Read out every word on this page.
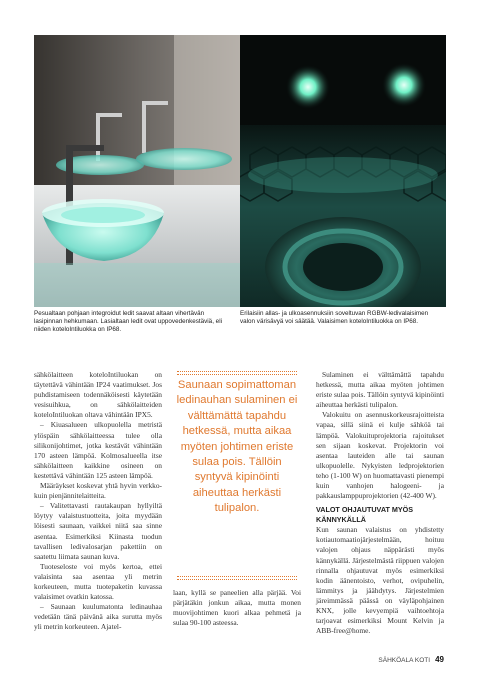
Pesualtaan pohjaan integroidut ledit saavat altaan vihertävän lasipinnan hehkumaan. Lasialtaan ledit ovat uppovedenkestäviä, eli niiden koteloIntiluokka on IP68.
Erilaisiin allas- ja ulkoasennuksiin soveltuvan RGBW-ledivalaisimen valon värisävyä voi säätää. Valaisimen koteloIntiluokka on IP68.

sähkölaitteen koteloIntiluokan on täytettävä vähintään IP24 vaatimukset. Jos puhdistamiseen todennäköisesti käytetään vesisuihkua, on sähkölaitteiden koteloIntiluokan oltava vähintään IPX5.

– Kiuasalueen ulkopuolella metristä ylöspäin sähkölaitteessa tulee olla silikonijohtimet, jotka kestävät vähintään 170 asteen lämpöä. Kolmosalueella itse sähkölaitteen kaikkine osineen on kestettävä vähintään 125 asteen lämpöä.

Määräykset koskevat yhtä hyvin verkko- kuin pienjännitelaitteita.

– Valitettavasti rautakaupan hyllyiltä löytyy valaistustuotteita, joita myydään löisesti saunaan, vaikkei niitä saa sinne asentaa. Esimerkiksi Kiinasta tuodun tavallisen ledivalosarjan pakettiin on saatettu liimata saunan kuva.

Tuoteseloste voi myös kertoa, ettei valaisinta saa asentaa yli metrin korkeuteen, mutta tuotepaketin kuvassa valaisimet ovatkin katossa.

– Saunaan kuulumatonta ledinauhaa vedetään tänä päivänä aika surutta myös yli metrin korkeuteen. Ajatel-

Saunaan sopimattoman ledinauhan sulaminen ei välttämättä tapahdu hetkessä, mutta aikaa myöten johtimen eriste sulaa pois. Tällöin syntyvä kipinöinti aiheuttaa herkästi tulipalon.

laan, kyllä se paneelien alla pärjää. Voi pärjätäkin jonkun aikaa, mutta monen muovijohtimen kuori alkaa pehmetä ja sulaa 90-100 asteessa.

Sulaminen ei välttämättä tapahdu hetkessä, mutta aikaa myöten johtimen eriste sulaa pois. Tällöin syntyvä kipinöinti aiheuttaa herkästi tulipalon.

Valokuitu on asennuskorkeusrajoitteista vapaa, sillä siinä ei kulje sähköä tai lämpöä. Valokuituprojektoria rajoitukset sen sijaan koskevat. Projektorin voi asentaa lauteiden alle tai saunan ulkopuolelle. Nykyisten ledprojektorien teho (1-100 W) on huomattavasti pienempi kuin vanhojen halogeeni- ja pakkauslamppuprojektorien (42-400 W).

VALOT OHJAUTUVAT MYÖS KÄNNYKÄLLÄ

Kun saunan valaistus on yhdistetty kotiautomaatiojärjestelmään, hoituu valojen ohjaus näppärästi myös kännykällä. Järjestelmästä riippuen valojen rinnalla ohjautuvat myös esimerkiksi kodin äänentoisto, verhot, ovipuhelin, lämmitys ja jäähdytys. Järjestelmien järeimmässä päässä on väyläpohjainen KNX, jolle kevyempiä vaihtoehtoja tarjoavat esimerkiksi Mount Kelvin ja ABB-free@home.

SÄHKÖALA KOTI 49
